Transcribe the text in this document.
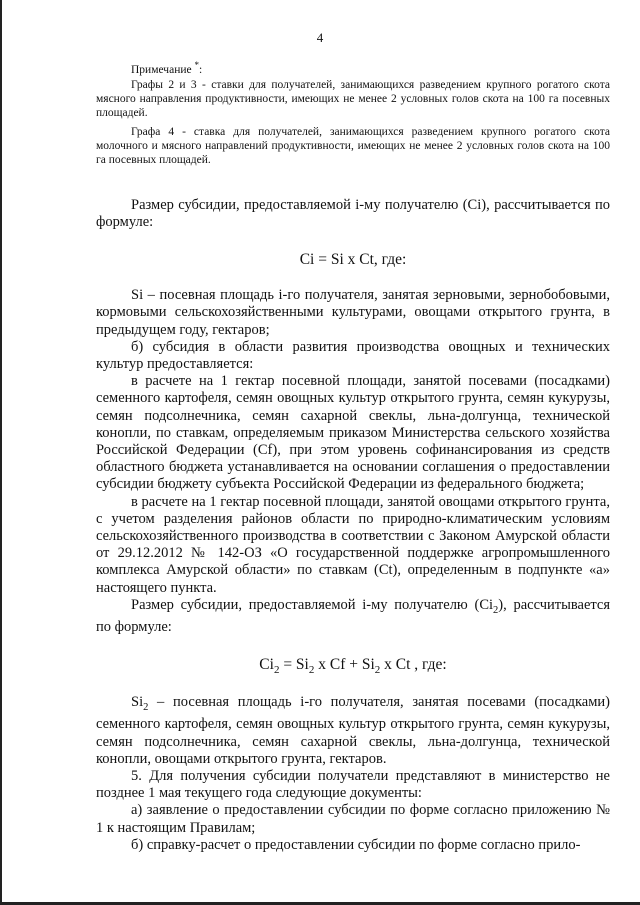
4

Примечание *:

Графы 2 и 3 - ставки для получателей, занимающихся разведением крупного рогатого скота мясного направления продуктивности, имеющих не менее 2 условных голов скота на 100 га посевных площадей.

Графа 4 - ставка для получателей, занимающихся разведением крупного рогатого скота молочного и мясного направлений продуктивности, имеющих не менее 2 условных голов скота на 100 га посевных площадей.

Размер субсидии, предоставляемой i-му получателю (Ci), рассчитывается по формуле:

Ci = Si x Ct, где:

Si – посевная площадь i-го получателя, занятая зерновыми, зернобобовыми, кормовыми сельскохозяйственными культурами, овощами открытого грунта, в предыдущем году, гектаров;

б) субсидия в области развития производства овощных и технических культур предоставляется:

в расчете на 1 гектар посевной площади, занятой посевами (посадками) семенного картофеля, семян овощных культур открытого грунта, семян кукурузы, семян подсолнечника, семян сахарной свеклы, льна-долгунца, технической конопли, по ставкам, определяемым приказом Министерства сельского хозяйства Российской Федерации (Cf), при этом уровень софинансирования из средств областного бюджета устанавливается на основании соглашения о предоставлении субсидии бюджету субъекта Российской Федерации из федерального бюджета;

в расчете на 1 гектар посевной площади, занятой овощами открытого грунта, с учетом разделения районов области по природно-климатическим условиям сельскохозяйственного производства в соответствии с Законом Амурской области от 29.12.2012 № 142-ОЗ «О государственной поддержке агропромышленного комплекса Амурской области» по ставкам (Ct), определенным в подпункте «а» настоящего пункта.

Размер субсидии, предоставляемой i-му получателю $(Ci_2)$, рассчитывается по формуле:

$Ci_2 = Si_2$ x $Cf + Si_2$ x Ct , где:

$Si_2$ – посевная площадь i-го получателя, занятая посевами (посадками) семенного картофеля, семян овощных культур открытого грунта, семян кукурузы, семян подсолнечника, семян сахарной свеклы, льна-долгунца, технической конопли, овощами открытого грунта, гектаров.

5. Для получения субсидии получатели представляют в министерство не позднее 1 мая текущего года следующие документы:

а) заявление о предоставлении субсидии по форме согласно приложению № 1 к настоящим Правилам;

б) справку-расчет о предоставлении субсидии по форме согласно прило-
